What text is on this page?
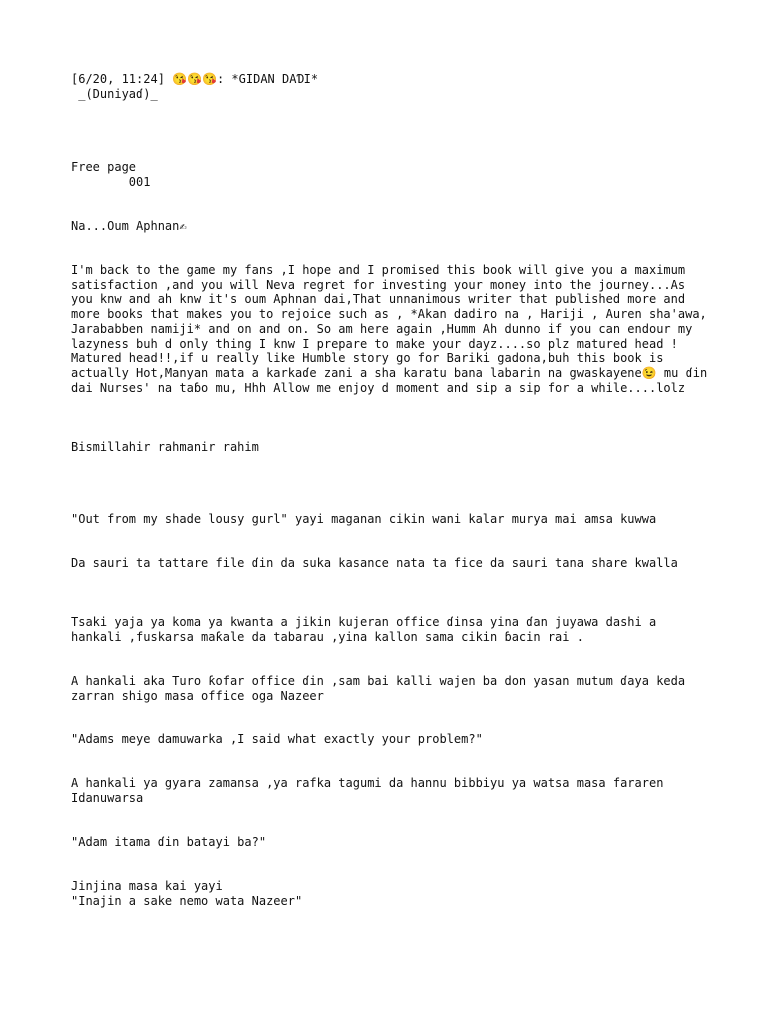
[6/20, 11:24] 😘😘😘: *GIDAN DAƊI*

_(Duniyaɗ)_

Free page

001

Na...Oum Aphnan✍

I'm back to the game my fans ,I hope and I promised this book will give you a maximum satisfaction ,and you will Neva regret for investing your money into the journey...As you knw and ah knw it's oum Aphnan dai,That unnanimous writer that published more and more books that makes you to rejoice such as , *Akan dadiro na , Hariji , Auren sha'awa, Jarababben namiji* and on and on. So am here again ,Humm Ah dunno if you can endour my lazyness buh d only thing I knw I prepare to make your dayz....so plz matured head ! Matured head!!,if u really like Humble story go for Bariki gadona,buh this book is actually Hot,Manyan mata a karkaɗe zani a sha karatu bana labarin na gwaskayene😉 mu ɗin dai Nurses' na taɓo mu, Hhh Allow me enjoy d moment and sip a sip for a while....lolz

Bismillahir rahmanir rahim

"Out from my shade lousy gurl" yayi maganan cikin wani kalar murya mai amsa kuwwa

Da sauri ta tattare file ɗin da suka kasance nata ta fice da sauri tana share kwalla

Tsaki yaja ya koma ya kwanta a jikin kujeran office ɗinsa yina ɗan juyawa dashi a hankali ,fuskarsa maƙale da tabarau ,yina kallon sama cikin ɓacin rai .

A hankali aka Turo ƙofar office ɗin ,sam bai kalli wajen ba don yasan mutum ɗaya keda zarran shigo masa office oga Nazeer

"Adams meye damuwarka ,I said what exactly your problem?"

A hankali ya gyara zamansa ,ya rafka tagumi da hannu bibbiyu ya watsa masa fararen Idanuwarsa

"Adam itama ɗin batayi ba?"

Jinjina masa kai yayi

"Inajin a sake nemo wata Nazeer"
